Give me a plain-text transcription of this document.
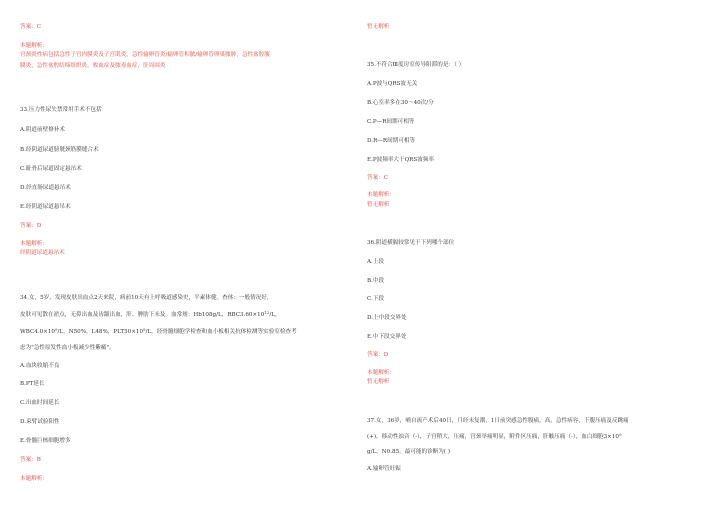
答案：C
本题解析：
宫颈炎性病包括急性子宫内膜炎及子宫肌炎，急性输卵管炎/输卵管积脓/输卵管卵巢脓肿，急性盆腔腹
膜炎，急性盆腔结缔组织炎，败血症及脓毒血症，肝周围炎
33.压力性尿失禁常用手术不包括
A.阴道前壁修补术
B.经阴道尿道膀胱颈筋膜缝合术
C.耻骨后尿道固定悬吊术
D.经直肠尿道悬吊术
E.经阴道尿道悬吊术
答案：D
本题解析：
经阴道尿道悬吊术
34.女，5岁，发现皮肤出血点2天来院，病前10天有上呼吸道感染史，平素体健。查体：一般情况好，
皮肤可见散在淤点，无鼻出血及齿龈出血，肝、脾肋下未及。血常规：Hb108g/L，$RBC3.60\times 10^{12}/L$，
$WBC4.0\times 10^9/L$，N50%，L48%，$PLT50\times 10^9/L$。经骨髓细胞学检查和血小板相关抗体检测等实验室检查考
虑为"急性原发性血小板减少性紫癜"。
A.血块收缩不良
B.PT延长
C.出血时间延长
D.束臂试验阳性
E.骨髓巨核细胞增多
答案：B
本题解析：
暂无解析
35.不符合Ⅲ度房室传导阻滞的是：（ ）
A.P波与QRS波无关
B.心室率多在30～40次/分
C.P—R间期可相等
D.R—R间期可相等
E.P波频率大于QRS波频率
答案：C
本题解析：
暂无解析
36.阴道横膈较常见于下列哪个部位
A.上段
B.中段
C.下段
D.上中段交界处
E.中下段交界处
答案：D
本题解析：
暂无解析
37.女，36岁，哺自流产术后40日，月经未复潮，1日前突感急性腹痛，高，急性病容，下腹压痛及反跳痛
(+)，移动性浊音（-），子宫稍大，压痛，宫颈举痛明显，附件区压痛，肝触压痛（-），血白细胞$3\times 10^9$
g/L，N0.85。最可能的诊断为( )
A.输卵管妊娠
